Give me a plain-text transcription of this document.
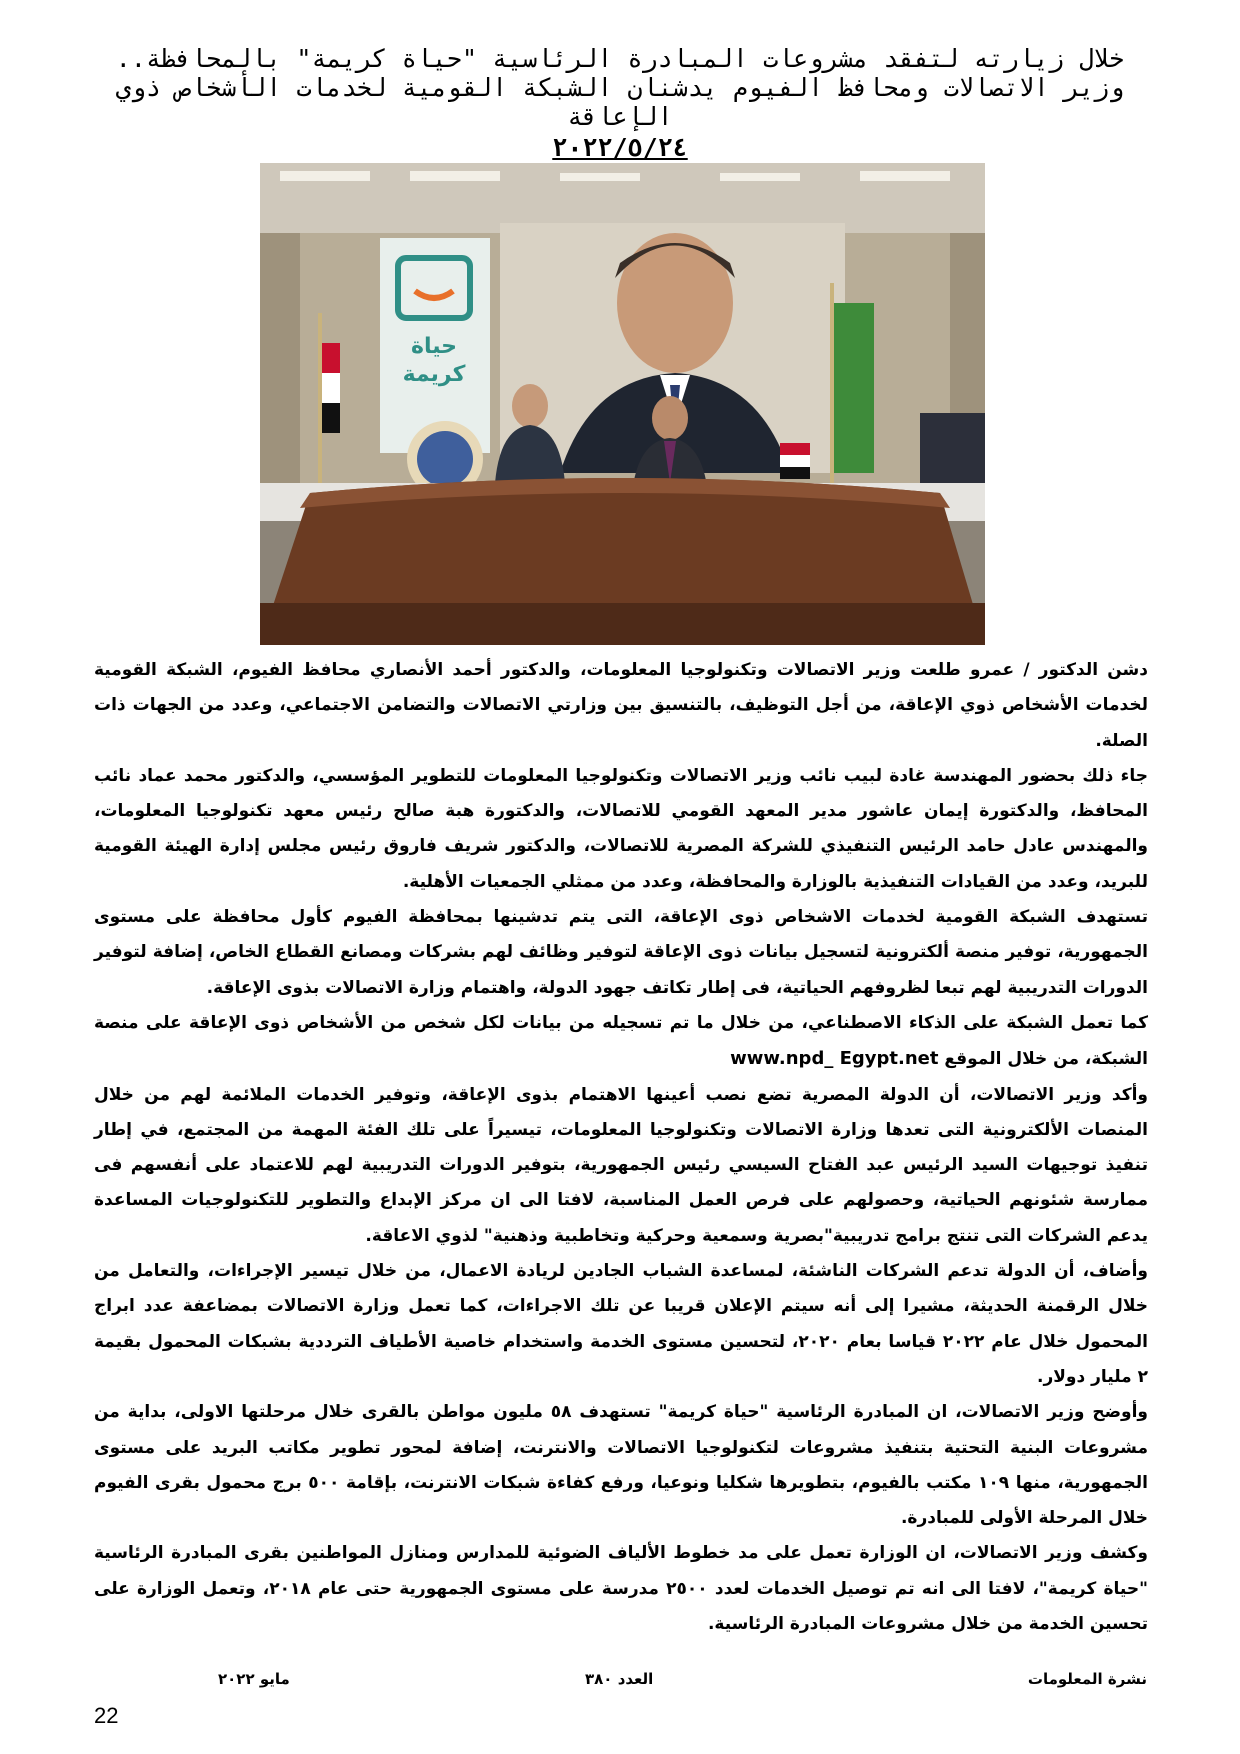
خلال زيارته لتفقد مشروعات المبادرة الرئاسية "حياة كريمة" بالمحافظة..
وزير الاتصالات ومحافظ الفيوم يدشنان الشبكة القومية لخدمات الأشخاص ذوي
الإعاقة
٢٠٢٢/٥/٢٤
حياة
كريمة

دشن الدكتور / عمرو طلعت وزير الاتصالات وتكنولوجيا المعلومات، والدكتور أحمد الأنصاري محافظ الفيوم، الشبكة القومية لخدمات الأشخاص ذوي الإعاقة، من أجل التوظيف، بالتنسيق بين وزارتي الاتصالات والتضامن الاجتماعي، وعدد من الجهات ذات الصلة.

جاء ذلك بحضور المهندسة غادة لبيب نائب وزير الاتصالات وتكنولوجيا المعلومات للتطوير المؤسسي، والدكتور محمد عماد نائب المحافظ، والدكتورة إيمان عاشور مدير المعهد القومي للاتصالات، والدكتورة هبة صالح رئيس معهد تكنولوجيا المعلومات، والمهندس عادل حامد الرئيس التنفيذي للشركة المصرية للاتصالات، والدكتور شريف فاروق رئيس مجلس إدارة الهيئة القومية للبريد، وعدد من القيادات التنفيذية بالوزارة والمحافظة، وعدد من ممثلي الجمعيات الأهلية.

تستهدف الشبكة القومية لخدمات الاشخاص ذوى الإعاقة، التى يتم تدشينها بمحافظة الفيوم كأول محافظة على مستوى الجمهورية، توفير منصة ألكترونية لتسجيل بيانات ذوى الإعاقة لتوفير وظائف لهم بشركات ومصانع القطاع الخاص، إضافة لتوفير الدورات التدريبية لهم تبعا لظروفهم الحياتية، فى إطار تكاتف جهود الدولة، واهتمام وزارة الاتصالات بذوى الإعاقة.

كما تعمل الشبكة على الذكاء الاصطناعي، من خلال ما تم تسجيله من بيانات لكل شخص من الأشخاص ذوى الإعاقة على منصة الشبكة، من خلال الموقع www.npd_ Egypt.net

وأكد وزير الاتصالات، أن الدولة المصرية تضع نصب أعينها الاهتمام بذوى الإعاقة، وتوفير الخدمات الملائمة لهم من خلال المنصات الألكترونية التى تعدها وزارة الاتصالات وتكنولوجيا المعلومات، تيسيراً على تلك الفئة المهمة من المجتمع، في إطار تنفيذ توجيهات السيد الرئيس عبد الفتاح السيسي رئيس الجمهورية، بتوفير الدورات التدريبية لهم للاعتماد على أنفسهم فى ممارسة شئونهم الحياتية، وحصولهم على فرص العمل المناسبة، لافتا الى ان مركز الإبداع والتطوير للتكنولوجيات المساعدة يدعم الشركات التى تنتج برامج تدريبية"بصرية وسمعية وحركية وتخاطبية وذهنية" لذوي الاعاقة.

وأضاف، أن الدولة تدعم الشركات الناشئة، لمساعدة الشباب الجادين لريادة الاعمال، من خلال تيسير الإجراءات، والتعامل من خلال الرقمنة الحديثة، مشيرا إلى أنه سيتم الإعلان قريبا عن تلك الاجراءات، كما تعمل وزارة الاتصالات بمضاعفة عدد ابراج المحمول خلال عام ٢٠٢٢ قياسا بعام ٢٠٢٠، لتحسين مستوى الخدمة واستخدام خاصية الأطياف الترددية بشبكات المحمول بقيمة ٢ مليار دولار.

وأوضح وزير الاتصالات، ان المبادرة الرئاسية "حياة كريمة" تستهدف ٥٨ مليون مواطن بالقرى خلال مرحلتها الاولى، بداية من مشروعات البنية التحتية بتنفيذ مشروعات لتكنولوجيا الاتصالات والانترنت، إضافة لمحور تطوير مكاتب البريد على مستوى الجمهورية، منها ١٠٩ مكتب بالفيوم، بتطويرها شكليا ونوعيا، ورفع كفاءة شبكات الانترنت، بإقامة ٥٠٠ برج محمول بقرى الفيوم خلال المرحلة الأولى للمبادرة.

وكشف وزير الاتصالات، ان الوزارة تعمل على مد خطوط الألياف الضوئية للمدارس ومنازل المواطنين بقرى المبادرة الرئاسية "حياة كريمة"، لافتا الى انه تم توصيل الخدمات لعدد ٢٥٠٠ مدرسة على مستوى الجمهورية حتى عام ٢٠١٨، وتعمل الوزارة على تحسين الخدمة من خلال مشروعات المبادرة الرئاسية.

نشرة المعلومات
العدد ٣٨٠
مايو ٢٠٢٢
22
